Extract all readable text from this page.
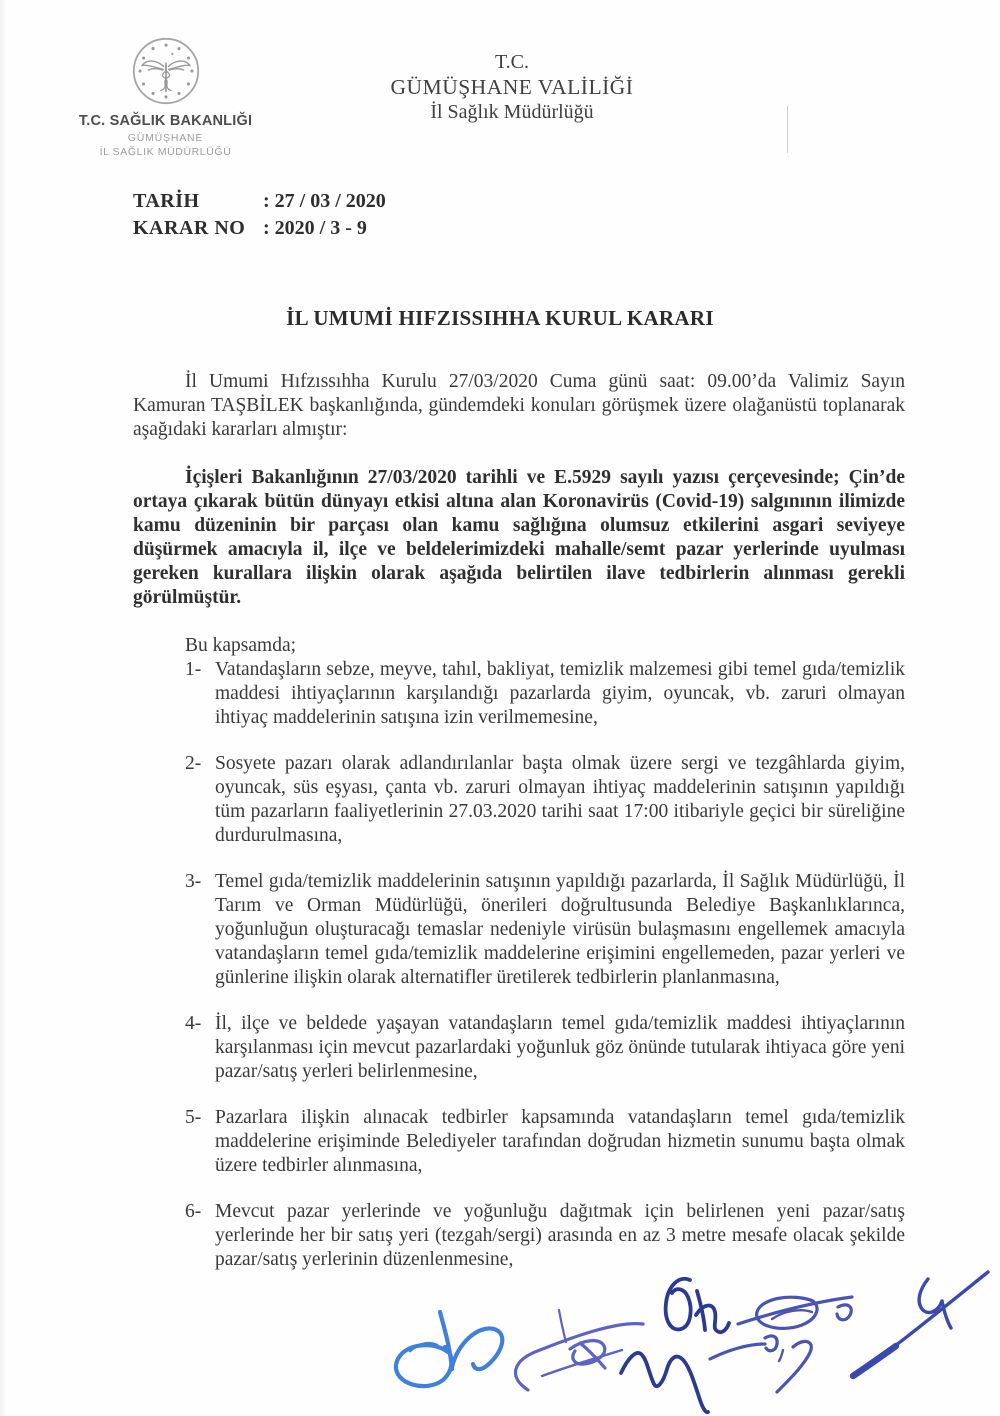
T.C. SAĞLIK BAKANLIĞI
GÜMÜŞHANE
İL SAĞLIK MÜDÜRLÜĞÜ
T.C.
GÜMÜŞHANE VALİLİĞİ
İl Sağlık Müdürlüğü
TARİH	: 27 / 03 / 2020
KARAR NO : 2020 / 3 - 9
İL UMUMİ HIFZISSIHHA KURUL KARARI

İl Umumi Hıfzıssıhha Kurulu 27/03/2020 Cuma günü saat: 09.00’da Valimiz Sayın Kamuran TAŞBİLEK başkanlığında, gündemdeki konuları görüşmek üzere olağanüstü toplanarak aşağıdaki kararları almıştır:

İçişleri Bakanlığının 27/03/2020 tarihli ve E.5929 sayılı yazısı çerçevesinde; Çin’de ortaya çıkarak bütün dünyayı etkisi altına alan Koronavirüs (Covid-19) salgınının ilimizde kamu düzeninin bir parçası olan kamu sağlığına olumsuz etkilerini asgari seviyeye düşürmek amacıyla il, ilçe ve beldelerimizdeki mahalle/semt pazar yerlerinde uyulması gereken kurallara ilişkin olarak aşağıda belirtilen ilave tedbirlerin alınması gerekli görülmüştür.

Bu kapsamda;
1- Vatandaşların sebze, meyve, tahıl, bakliyat, temizlik malzemesi gibi temel gıda/temizlik maddesi ihtiyaçlarının karşılandığı pazarlarda giyim, oyuncak, vb. zaruri olmayan ihtiyaç maddelerinin satışına izin verilmemesine,
2- Sosyete pazarı olarak adlandırılanlar başta olmak üzere sergi ve tezgâhlarda giyim, oyuncak, süs eşyası, çanta vb. zaruri olmayan ihtiyaç maddelerinin satışının yapıldığı tüm pazarların faaliyetlerinin 27.03.2020 tarihi saat 17:00 itibariyle geçici bir süreliğine durdurulmasına,
3- Temel gıda/temizlik maddelerinin satışının yapıldığı pazarlarda, İl Sağlık Müdürlüğü, İl Tarım ve Orman Müdürlüğü, önerileri doğrultusunda Belediye Başkanlıklarınca, yoğunluğun oluşturacağı temaslar nedeniyle virüsün bulaşmasını engellemek amacıyla vatandaşların temel gıda/temizlik maddelerine erişimini engellemeden, pazar yerleri ve günlerine ilişkin olarak alternatifler üretilerek tedbirlerin planlanmasına,
4- İl, ilçe ve beldede yaşayan vatandaşların temel gıda/temizlik maddesi ihtiyaçlarının karşılanması için mevcut pazarlardaki yoğunluk göz önünde tutularak ihtiyaca göre yeni pazar/satış yerleri belirlenmesine,
5- Pazarlara ilişkin alınacak tedbirler kapsamında vatandaşların temel gıda/temizlik maddelerine erişiminde Belediyeler tarafından doğrudan hizmetin sunumu başta olmak üzere tedbirler alınmasına,
6- Mevcut pazar yerlerinde ve yoğunluğu dağıtmak için belirlenen yeni pazar/satış yerlerinde her bir satış yeri (tezgah/sergi) arasında en az 3 metre mesafe olacak şekilde pazar/satış yerlerinin düzenlenmesine,
